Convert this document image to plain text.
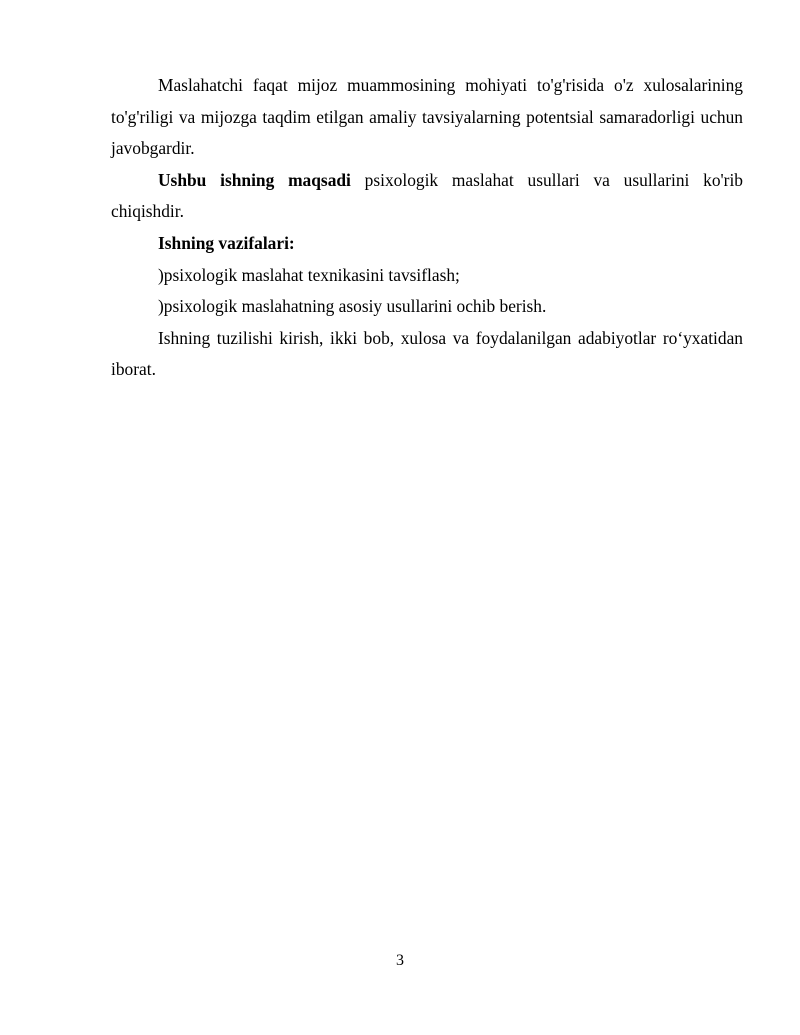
Maslahatchi faqat mijoz muammosining mohiyati to'g'risida o'z xulosalarining to'g'riligi va mijozga taqdim etilgan amaliy tavsiyalarning potentsial samaradorligi uchun javobgardir.

Ushbu ishning maqsadi psixologik maslahat usullari va usullarini ko'rib chiqishdir.

Ishning vazifalari:

)psixologik maslahat texnikasini tavsiflash;

)psixologik maslahatning asosiy usullarini ochib berish.

Ishning tuzilishi kirish, ikki bob, xulosa va foydalanilgan adabiyotlar ro‘yxatidan iborat.

3
